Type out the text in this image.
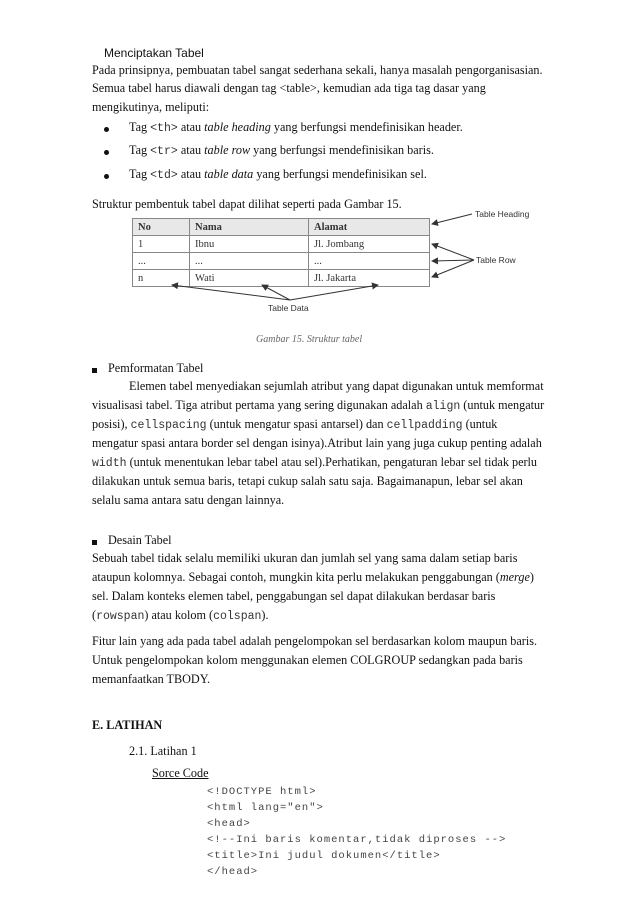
Menciptakan Tabel
Pada prinsipnya, pembuatan tabel sangat sederhana sekali, hanya masalah pengorganisasian.
Semua tabel harus diawali dengan tag <table>, kemudian ada tiga tag dasar yang
mengikutinya, meliputi:
Tag <th> atau table heading yang berfungsi mendefinisikan header.
Tag <tr> atau table row yang berfungsi mendefinisikan baris.
Tag <td> atau table data yang berfungsi mendefinisikan sel.
Struktur pembentuk tabel dapat dilihat seperti pada Gambar 15.
No	Nama	Alamat
1	Ibnu	Jl. Jombang
...	...	...
n	Wati	Jl. Jakarta
Table Heading
Table Row
Table Data
Gambar 15. Struktur tabel
Pemformatan Tabel
Elemen tabel menyediakan sejumlah atribut yang dapat digunakan untuk memformat
visualisasi tabel. Tiga atribut pertama yang sering digunakan adalah align (untuk mengatur
posisi), cellspacing (untuk mengatur spasi antarsel) dan cellpadding (untuk
mengatur spasi antara border sel dengan isinya).Atribut lain yang juga cukup penting adalah
width (untuk menentukan lebar tabel atau sel).Perhatikan, pengaturan lebar sel tidak perlu
dilakukan untuk semua baris, tetapi cukup salah satu saja. Bagaimanapun, lebar sel akan
selalu sama antara satu dengan lainnya.
Desain Tabel
Sebuah tabel tidak selalu memiliki ukuran dan jumlah sel yang sama dalam setiap baris
ataupun kolomnya. Sebagai contoh, mungkin kita perlu melakukan penggabungan (merge)
sel. Dalam konteks elemen tabel, penggabungan sel dapat dilakukan berdasar baris
(rowspan) atau kolom (colspan).
Fitur lain yang ada pada tabel adalah pengelompokan sel berdasarkan kolom maupun baris.
Untuk pengelompokan kolom menggunakan elemen COLGROUP sedangkan pada baris
memanfaatkan TBODY.
E. LATIHAN
2.1. Latihan 1
Sorce Code
<!DOCTYPE html>
<html lang="en">
<head>
<!--Ini baris komentar,tidak diproses -->
<title>Ini judul dokumen</title>
</head>
